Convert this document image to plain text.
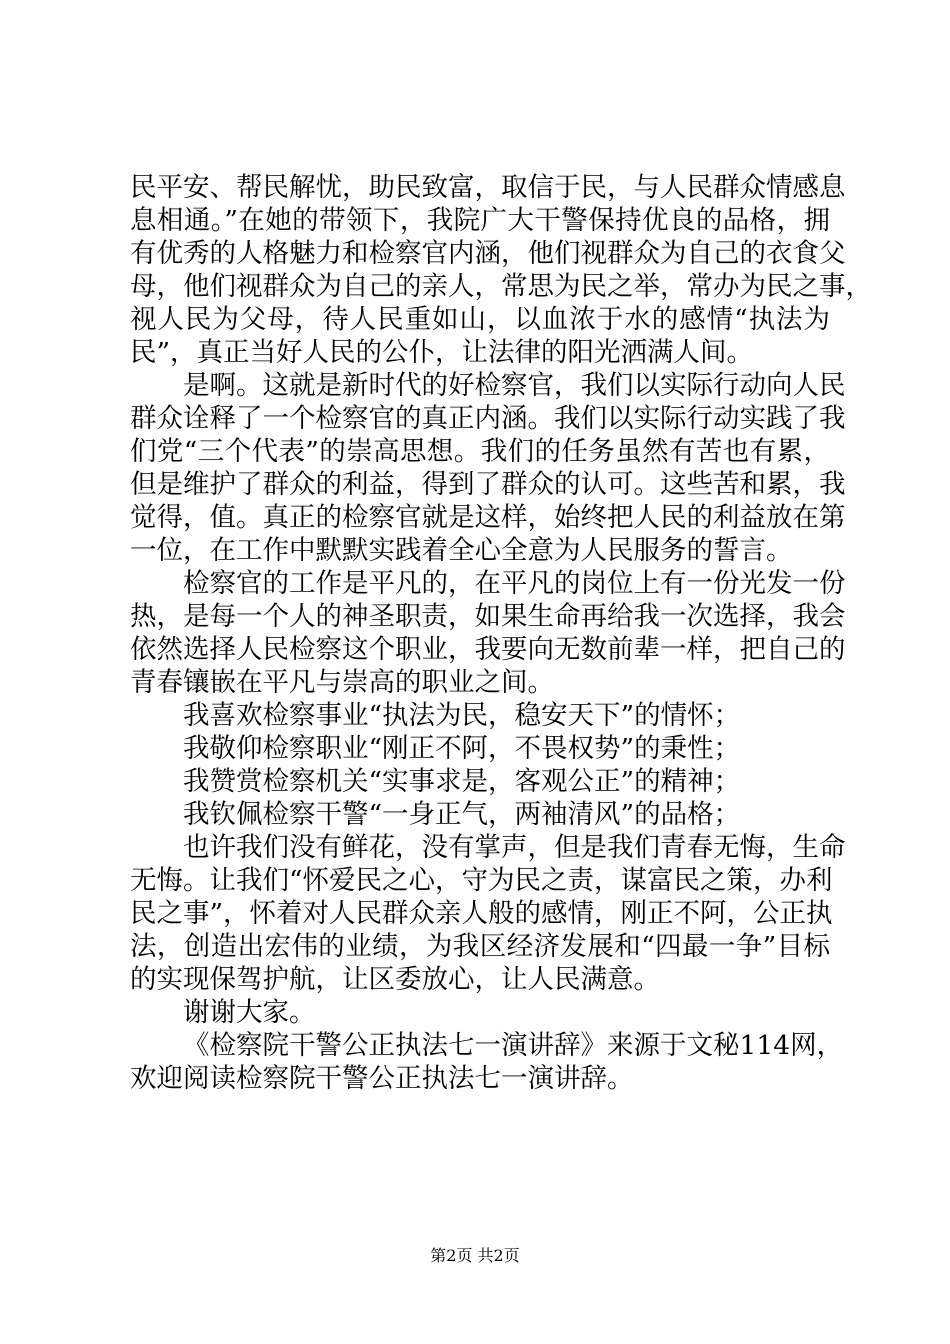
民平安、帮民解忧，助民致富，取信于民，与人民群众情感息
息相通。”在她的带领下，我院广大干警保持优良的品格，拥
有优秀的人格魅力和检察官内涵，他们视群众为自己的衣食父
母，他们视群众为自己的亲人，常思为民之举，常办为民之事，
视人民为父母，待人民重如山，以血浓于水的感情“执法为
民”，真正当好人民的公仆，让法律的阳光洒满人间。
是啊。这就是新时代的好检察官，我们以实际行动向人民
群众诠释了一个检察官的真正内涵。我们以实际行动实践了我
们党“三个代表”的崇高思想。我们的任务虽然有苦也有累，
但是维护了群众的利益，得到了群众的认可。这些苦和累，我
觉得，值。真正的检察官就是这样，始终把人民的利益放在第
一位，在工作中默默实践着全心全意为人民服务的誓言。
检察官的工作是平凡的，在平凡的岗位上有一份光发一份
热，是每一个人的神圣职责，如果生命再给我一次选择，我会
依然选择人民检察这个职业，我要向无数前辈一样，把自己的
青春镶嵌在平凡与崇高的职业之间。
我喜欢检察事业“执法为民，稳安天下”的情怀；
我敬仰检察职业“刚正不阿，不畏权势”的秉性；
我赞赏检察机关“实事求是，客观公正”的精神；
我钦佩检察干警“一身正气，两袖清风”的品格；
也许我们没有鲜花，没有掌声，但是我们青春无悔，生命
无悔。让我们“怀爱民之心，守为民之责，谋富民之策，办利
民之事”，怀着对人民群众亲人般的感情，刚正不阿，公正执
法，创造出宏伟的业绩，为我区经济发展和“四最一争”目标
的实现保驾护航，让区委放心，让人民满意。
谢谢大家。
《检察院干警公正执法七一演讲辞》来源于文秘114网，
欢迎阅读检察院干警公正执法七一演讲辞。
第2页 共2页
